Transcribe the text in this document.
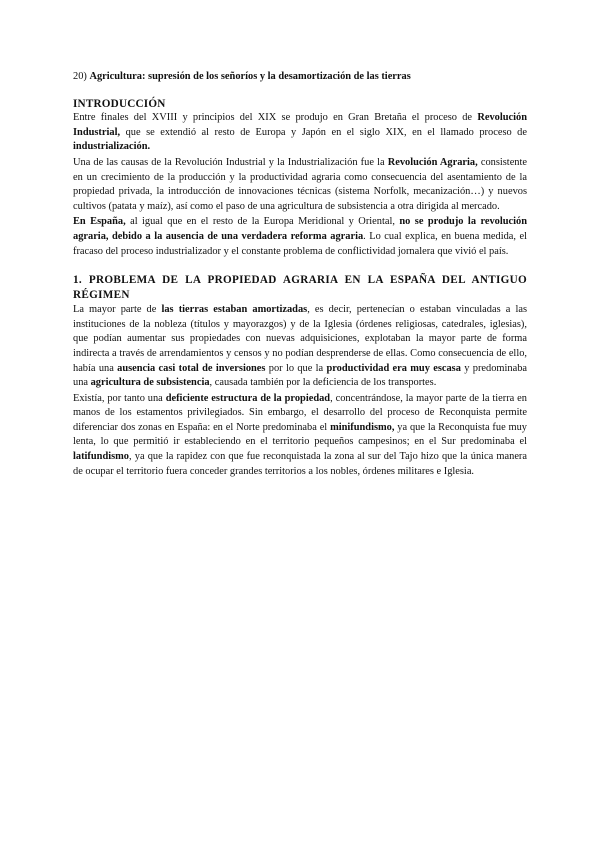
20) Agricultura: supresión de los señoríos y la desamortización de las tierras

INTRODUCCIÓN

Entre finales del XVIII y principios del XIX se produjo en Gran Bretaña el proceso de Revolución Industrial, que se extendió al resto de Europa y Japón en el siglo XIX, en el llamado proceso de industrialización.

Una de las causas de la Revolución Industrial y la Industrialización fue la Revolución Agraria, consistente en un crecimiento de la producción y la productividad agraria como consecuencia del asentamiento de la propiedad privada, la introducción de innovaciones técnicas (sistema Norfolk, mecanización…) y nuevos cultivos (patata y maíz), así como el paso de una agricultura de subsistencia a otra dirigida al mercado.

En España, al igual que en el resto de la Europa Meridional y Oriental, no se produjo la revolución agraria, debido a la ausencia de una verdadera reforma agraria. Lo cual explica, en buena medida, el fracaso del proceso industrializador y el constante problema de conflictividad jornalera que vivió el país.

1. PROBLEMA DE LA PROPIEDAD AGRARIA EN LA ESPAÑA DEL ANTIGUO RÉGIMEN

La mayor parte de las tierras estaban amortizadas, es decir, pertenecían o estaban vinculadas a las instituciones de la nobleza (títulos y mayorazgos) y de la Iglesia (órdenes religiosas, catedrales, iglesias), que podían aumentar sus propiedades con nuevas adquisiciones, explotaban la mayor parte de forma indirecta a través de arrendamientos y censos y no podían desprenderse de ellas. Como consecuencia de ello, había una ausencia casi total de inversiones por lo que la productividad era muy escasa y predominaba una agricultura de subsistencia, causada también por la deficiencia de los transportes.

Existía, por tanto una deficiente estructura de la propiedad, concentrándose, la mayor parte de la tierra en manos de los estamentos privilegiados. Sin embargo, el desarrollo del proceso de Reconquista permite diferenciar dos zonas en España: en el Norte predominaba el minifundismo, ya que la Reconquista fue muy lenta, lo que permitió ir estableciendo en el territorio pequeños campesinos; en el Sur predominaba el latifundismo, ya que la rapidez con que fue reconquistada la zona al sur del Tajo hizo que la única manera de ocupar el territorio fuera conceder grandes territorios a los nobles, órdenes militares e Iglesia.
